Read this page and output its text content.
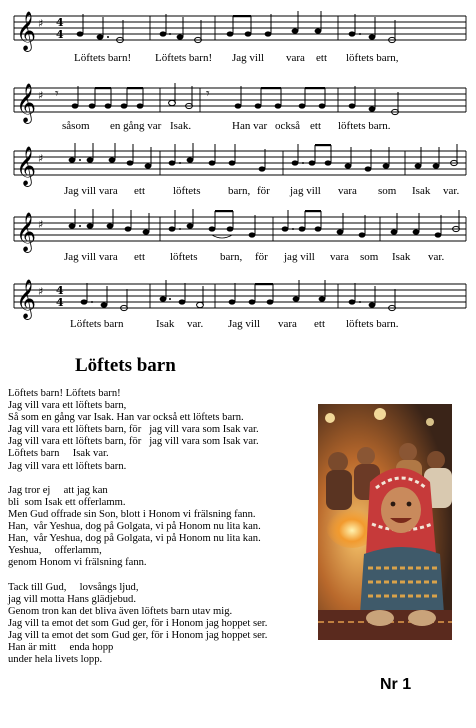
𝄞 ♯ 4
4
Löftets barn! Löftets barn! Jag vill vara ett löftets barn,
𝄞 ♯ 𝄾	𝄾
såsom en gång var Isak.	Han var också ett löftets barn.
𝄞 ♯
Jag vill vara ett	löftets	barn, för jag vill vara som Isak var.
𝄞 ♯
Jag vill vara ett löftets barn, för jag vill vara som Isak var.
𝄞 ♯ 4
4
Löftets barn	Isak var. Jag vill vara ett löftets barn.
Löftets barn
Löftets barn! Löftets barn!
Jag vill vara ett löftets barn,
Så som en gång var Isak. Han var också ett löftets barn.
Jag vill vara ett löftets barn, för   jag vill vara som Isak var.
Jag vill vara ett löftets barn, för   jag vill vara som Isak var.
Löftets barn     Isak var.
Jag vill vara ett löftets barn.
Jag tror ej     att jag kan
bli  som Isak ett offerlamm.
Men Gud offrade sin Son, blott i Honom vi frälsning fann.
Han,  vår Yeshua, dog på Golgata, vi på Honom nu lita kan.
Han,  vår Yeshua, dog på Golgata, vi på Honom nu lita kan.
Yeshua,     offerlamm,
genom Honom vi frälsning fann.
Tack till Gud,     lovsångs ljud,
jag vill motta Hans glädjebud.
Genom tron kan det bliva även löftets barn utav mig.
Jag vill ta emot det som Gud ger, för i Honom jag hoppet ser.
Jag vill ta emot det som Gud ger, för i Honom jag hoppet ser.
Han är mitt     enda hopp
under hela livets lopp.
Nr 1
